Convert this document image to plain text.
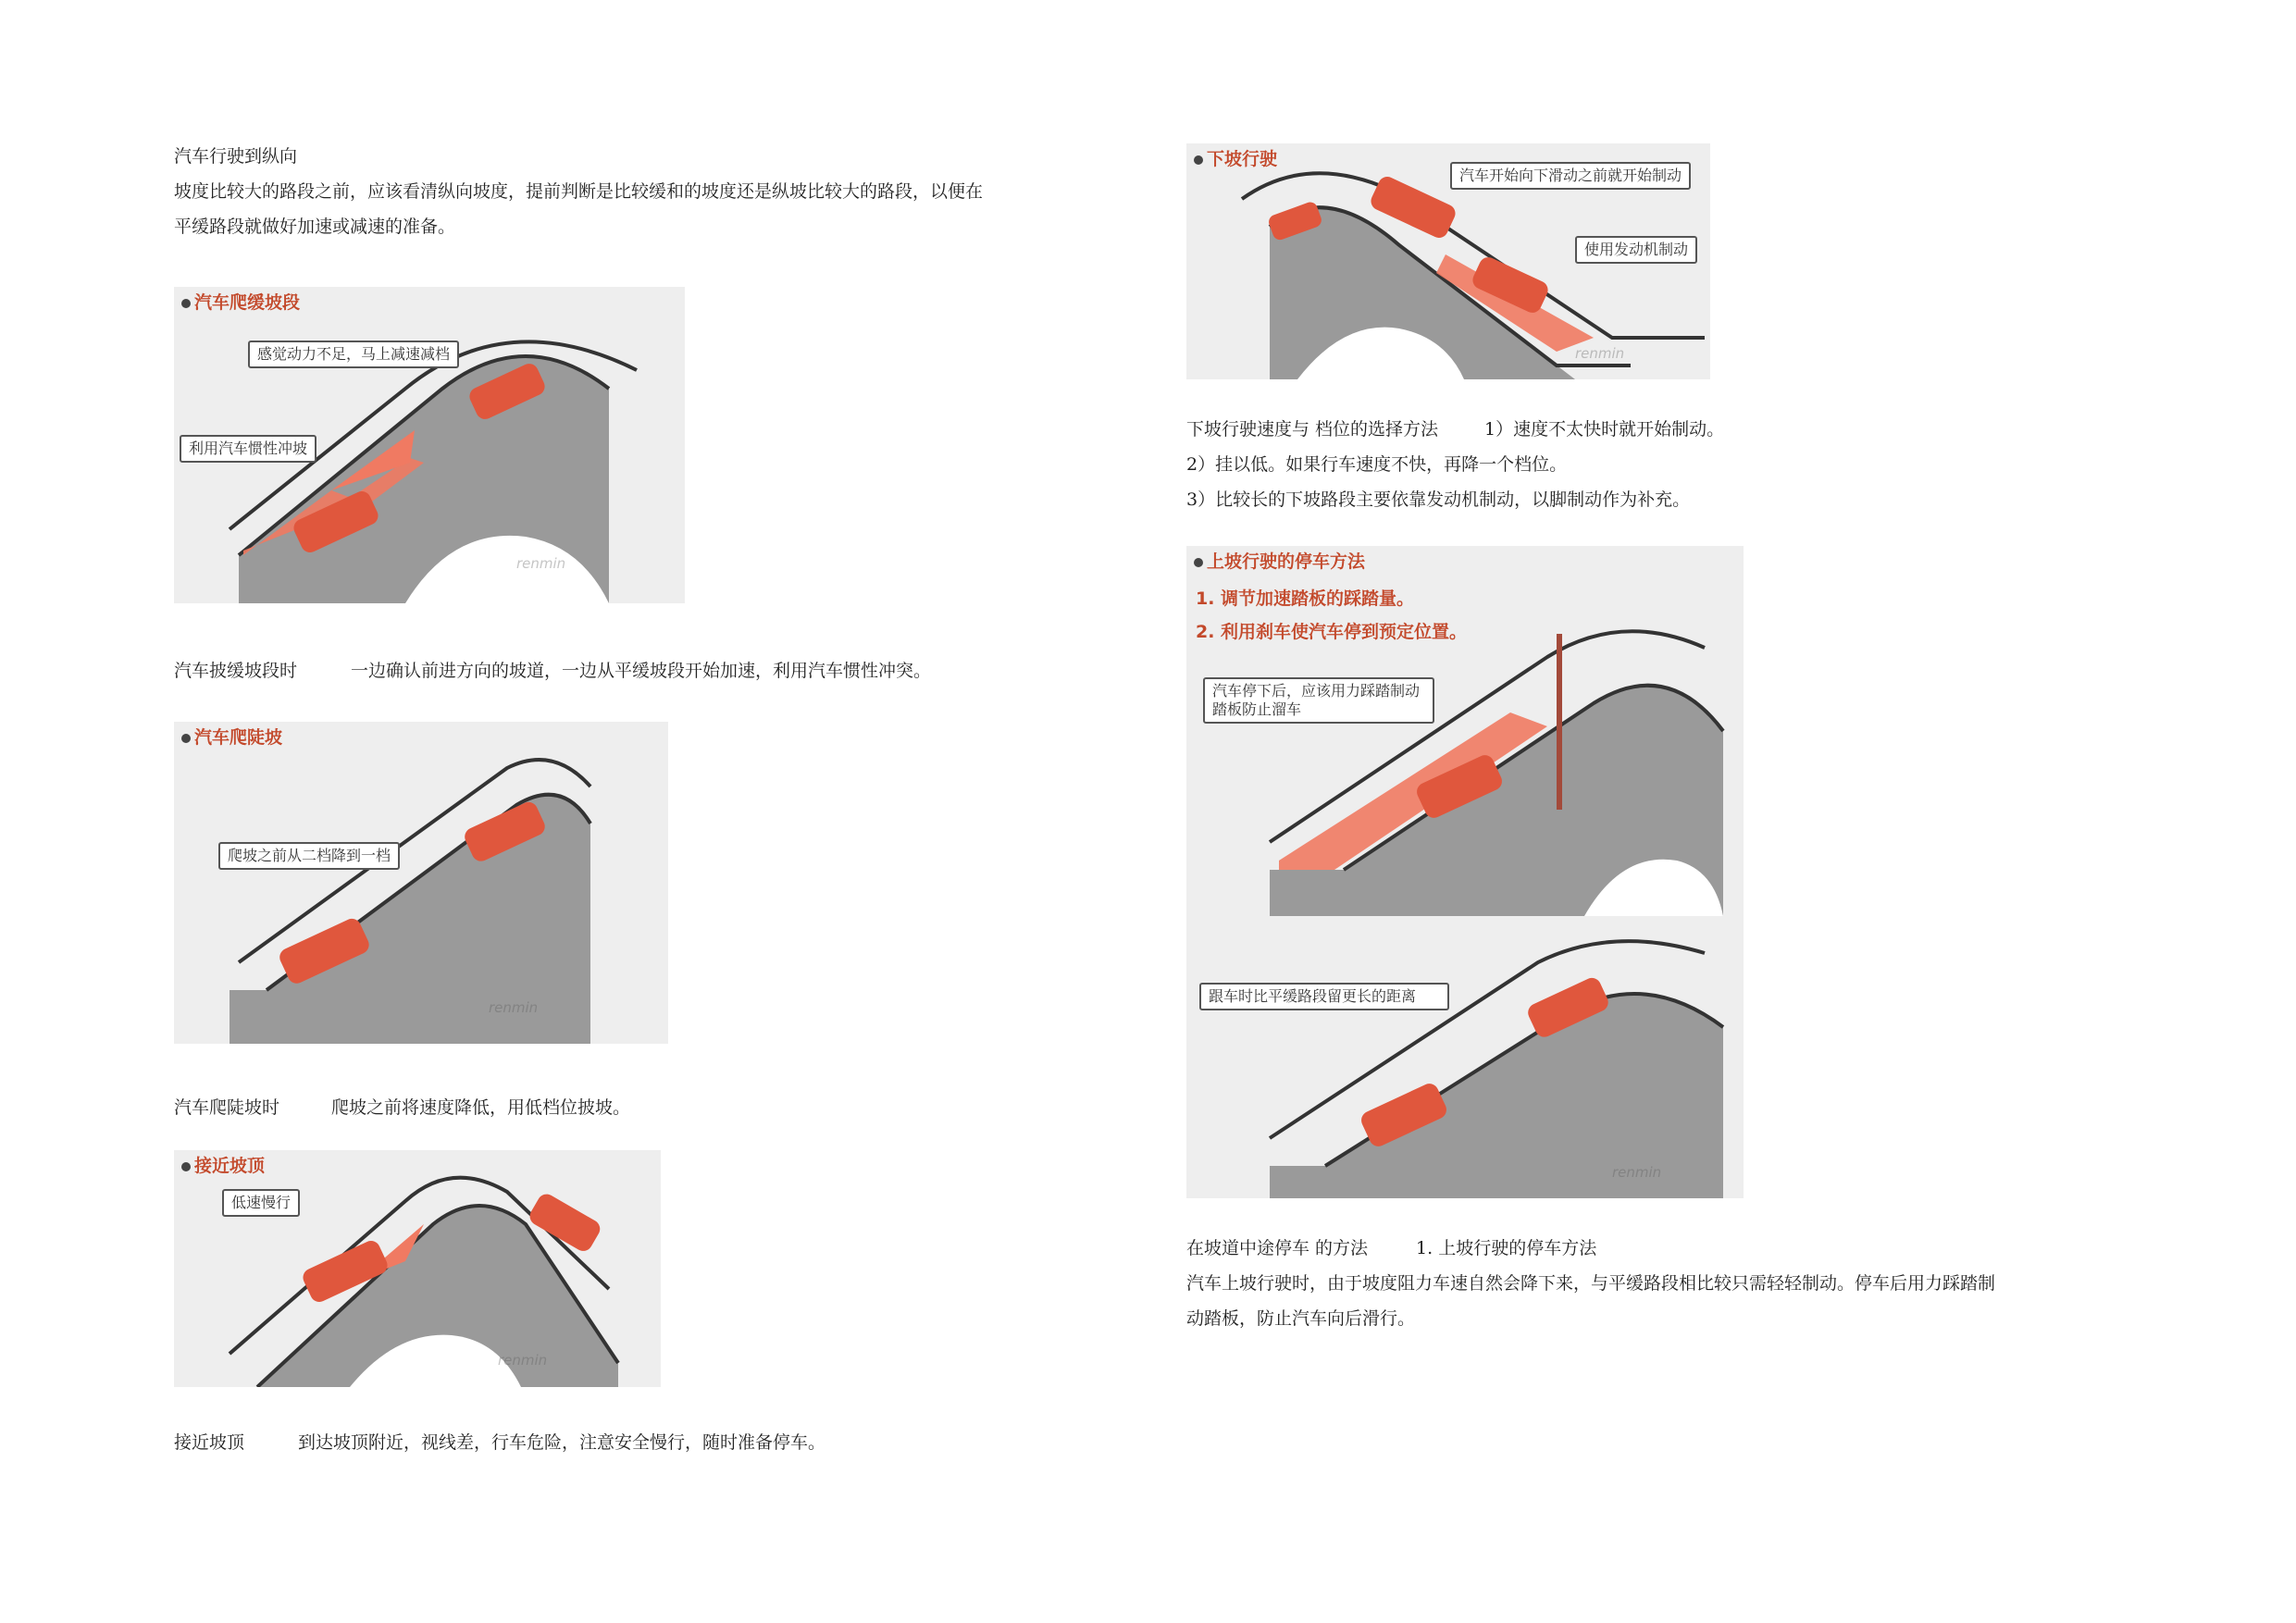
汽车行驶到纵向
坡度比较大的路段之前，应该看清纵向坡度，提前判断是比较缓和的坡度还是纵坡比较大的路段，以便在
平缓路段就做好加速或减速的准备。
汽车爬缓坡段
感觉动力不足，马上减速减档
利用汽车惯性冲坡
renmin
汽车披缓坡段时	一边确认前进方向的坡道，一边从平缓坡段开始加速，利用汽车惯性冲突。
汽车爬陡坡
爬坡之前从二档降到一档
renmin
汽车爬陡坡时	爬坡之前将速度降低，用低档位披坡。
接近坡顶
低速慢行
renmin
接近坡顶	到达坡顶附近，视线差，行车危险，注意安全慢行，随时准备停车。
下坡行驶
汽车开始向下滑动之前就开始制动
使用发动机制动
renmin
下坡行驶速度与 档位的选择方法	1）速度不太快时就开始制动。
2）挂以低。如果行车速度不快，再降一个档位。
3）比较长的下坡路段主要依靠发动机制动，以脚制动作为补充。
上坡行驶的停车方法
1. 调节加速踏板的踩踏量。
2. 利用刹车使汽车停到预定位置。
汽车停下后，应该用力踩踏制动踏板防止溜车
跟车时比平缓路段留更长的距离
renmin
在坡道中途停车 的方法	1. 上坡行驶的停车方法
汽车上坡行驶时，由于坡度阻力车速自然会降下来，与平缓路段相比较只需轻轻制动。停车后用力踩踏制
动踏板，防止汽车向后滑行。
